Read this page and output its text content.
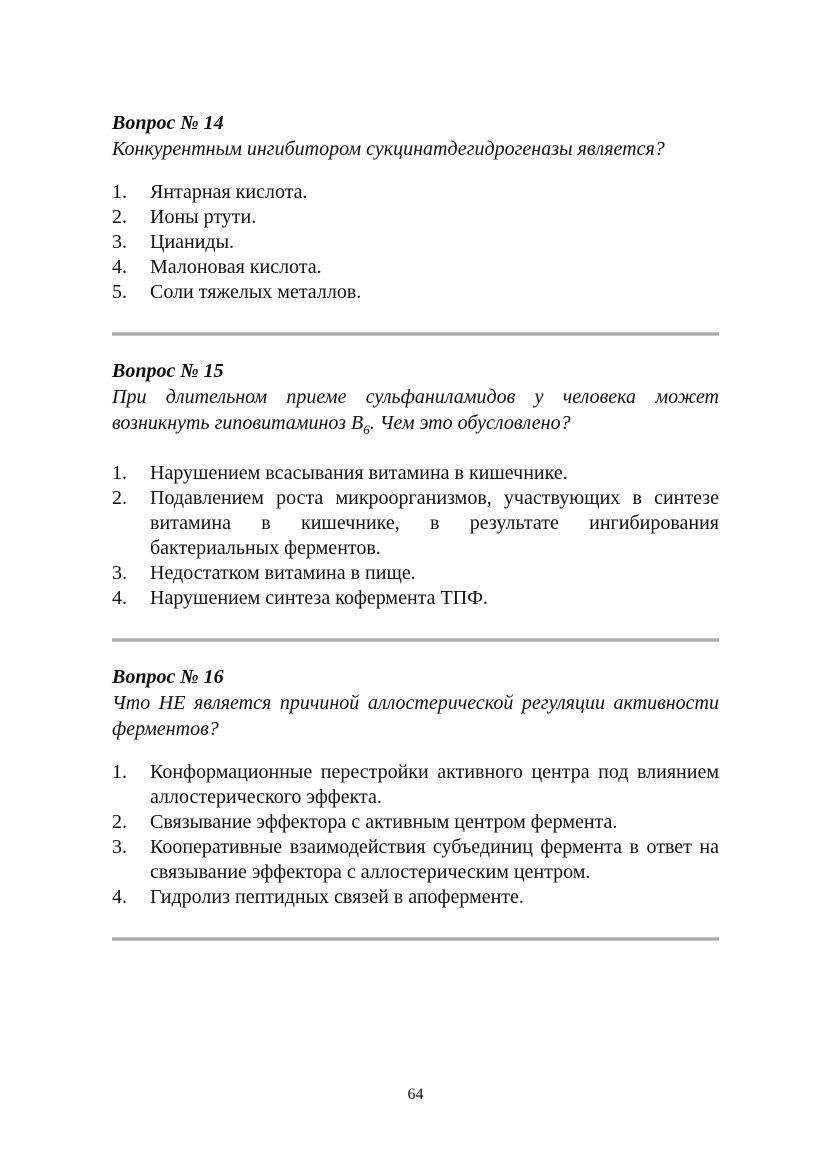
Вопрос № 14

Конкурентным ингибитором сукцинатдегидрогеназы является?

1.	Янтарная кислота.
2.	Ионы ртути.
3.	Цианиды.
4.	Малоновая кислота.
5.	Соли тяжелых металлов.

Вопрос № 15

При длительном приеме сульфаниламидов у человека может возникнуть гиповитаминоз $B_6$. Чем это обусловлено?

1.	Нарушением всасывания витамина в кишечнике.
2.	Подавлением роста микроорганизмов, участвующих в синтезе витамина в кишечнике, в результате ингибирования бактериальных ферментов.
3.	Недостатком витамина в пище.
4.	Нарушением синтеза кофермента ТПФ.

Вопрос № 16

Что НЕ является причиной аллостерической регуляции активности ферментов?

1.	Конформационные перестройки активного центра под влиянием аллостерического эффекта.
2.	Связывание эффектора с активным центром фермента.
3.	Кооперативные взаимодействия субъединиц фермента в ответ на связывание эффектора с аллостерическим центром.
4.	Гидролиз пептидных связей в апоферменте.
64
